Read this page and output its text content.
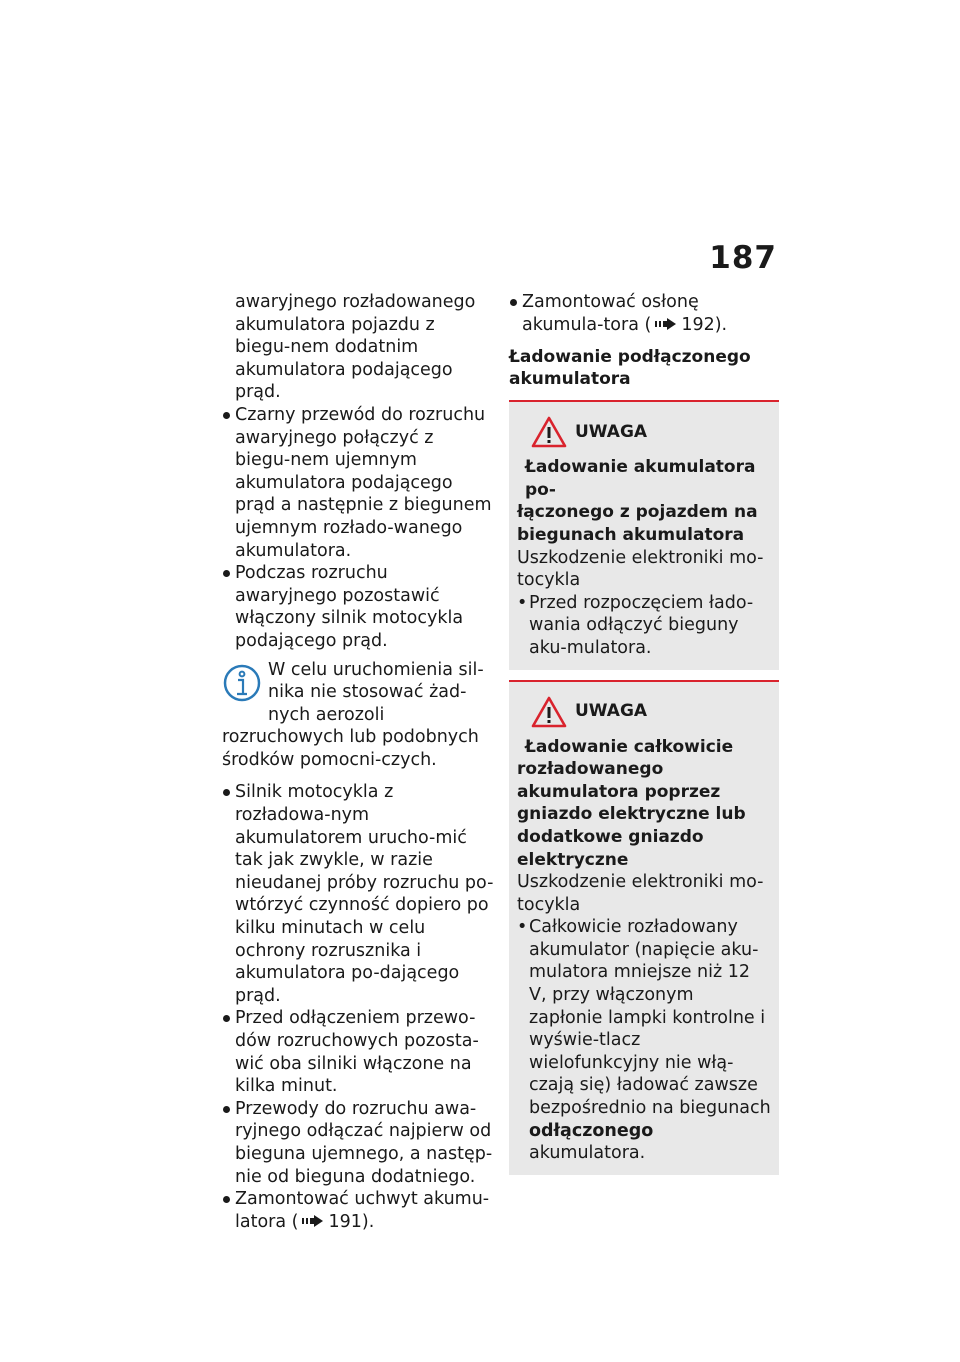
187
awaryjnego rozładowanego akumulatora pojazdu z biegu-nem dodatnim akumulatora podającego prąd.
Czarny przewód do rozruchu awaryjnego połączyć z biegu-nem ujemnym akumulatora podającego prąd a następnie z biegunem ujemnym rozłado-wanego akumulatora.
Podczas rozruchu awaryjnego pozostawić włączony silnik motocykla podającego prąd.
W celu uruchomienia sil-nika nie stosować żad-nych aerozoli rozruchowych lub podobnych środków pomocni-czych.
Silnik motocykla z rozładowa-nym akumulatorem urucho-mić tak jak zwykle, w razie nieudanej próby rozruchu po-wtórzyć czynność dopiero po kilku minutach w celu ochrony rozrusznika i akumulatora po-dającego prąd.
Przed odłączeniem przewo-dów rozruchowych pozosta-wić oba silniki włączone na kilka minut.
Przewody do rozruchu awa-ryjnego odłączać najpierw od bieguna ujemnego, a następ-nie od bieguna dodatniego.
Zamontować uchwyt akumu-latora ( 191).
Zamontować osłonę akumula-tora ( 192).
Ładowanie podłączonego akumulatora
UWAGA
Ładowanie akumulatora po-
łączonego z pojazdem na biegunach akumulatora
Uszkodzenie elektroniki mo-tocykla
• Przed rozpoczęciem łado-wania odłączyć bieguny aku-mulatora.
UWAGA
Ładowanie całkowicie
rozładowanego akumulatora poprzez gniazdo elektryczne lub dodatkowe gniazdo elektryczne
Uszkodzenie elektroniki mo-tocykla
• Całkowicie rozładowany akumulator (napięcie aku-mulatora mniejsze niż 12 V, przy włączonym zapłonie lampki kontrolne i wyświe-tlacz wielofunkcyjny nie włą-czają się) ładować zawsze bezpośrednio na biegunach odłączonego akumulatora.
